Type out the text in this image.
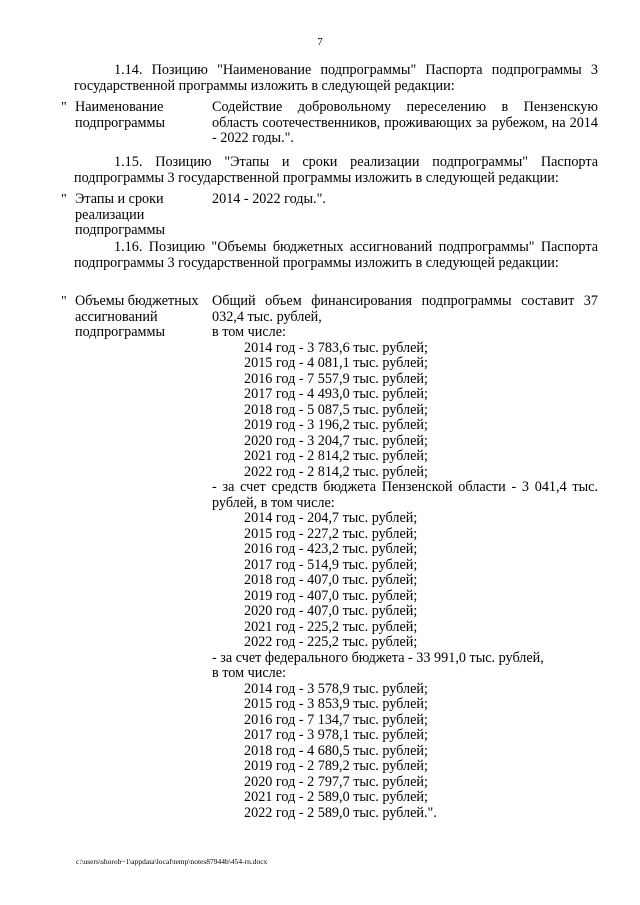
7
1.14. Позицию "Наименование подпрограммы" Паспорта подпрограммы 3 государственной программы изложить в следующей редакции:
" Наименование подпрограммы
Содействие добровольному переселению в Пензенскую область соотечественников, проживающих за рубежом, на 2014 - 2022 годы.".
1.15. Позицию "Этапы и сроки реализации подпрограммы" Паспорта подпрограммы 3 государственной программы изложить в следующей редакции:
" Этапы и сроки реализации подпрограммы
2014 - 2022 годы.".
1.16. Позицию "Объемы бюджетных ассигнований подпрограммы" Паспорта подпрограммы 3 государственной программы изложить в следующей редакции:
" Объемы бюджетных ассигнований подпрограммы
Общий объем финансирования подпрограммы составит 37 032,4 тыс. рублей,
в том числе:
2014 год - 3 783,6 тыс. рублей;
2015 год - 4 081,1 тыс. рублей;
2016 год - 7 557,9 тыс. рублей;
2017 год - 4 493,0 тыс. рублей;
2018 год - 5 087,5 тыс. рублей;
2019 год - 3 196,2 тыс. рублей;
2020 год - 3 204,7 тыс. рублей;
2021 год - 2 814,2 тыс. рублей;
2022 год - 2 814,2 тыс. рублей;
- за счет средств бюджета Пензенской области - 3 041,4 тыс. рублей, в том числе:
2014 год - 204,7 тыс. рублей;
2015 год - 227,2 тыс. рублей;
2016 год - 423,2 тыс. рублей;
2017 год - 514,9 тыс. рублей;
2018 год - 407,0 тыс. рублей;
2019 год - 407,0 тыс. рублей;
2020 год - 407,0 тыс. рублей;
2021 год - 225,2 тыс. рублей;
2022 год - 225,2 тыс. рублей;
- за счет федерального бюджета - 33 991,0 тыс. рублей,
в том числе:
2014 год - 3 578,9 тыс. рублей;
2015 год - 3 853,9 тыс. рублей;
2016 год - 7 134,7 тыс. рублей;
2017 год - 3 978,1 тыс. рублей;
2018 год - 4 680,5 тыс. рублей;
2019 год - 2 789,2 тыс. рублей;
2020 год - 2 797,7 тыс. рублей;
2021 год - 2 589,0 тыс. рублей;
2022 год - 2 589,0 тыс. рублей.".
c:\users\shorob~1\appdata\local\temp\notes87944b\454-rn.docx
